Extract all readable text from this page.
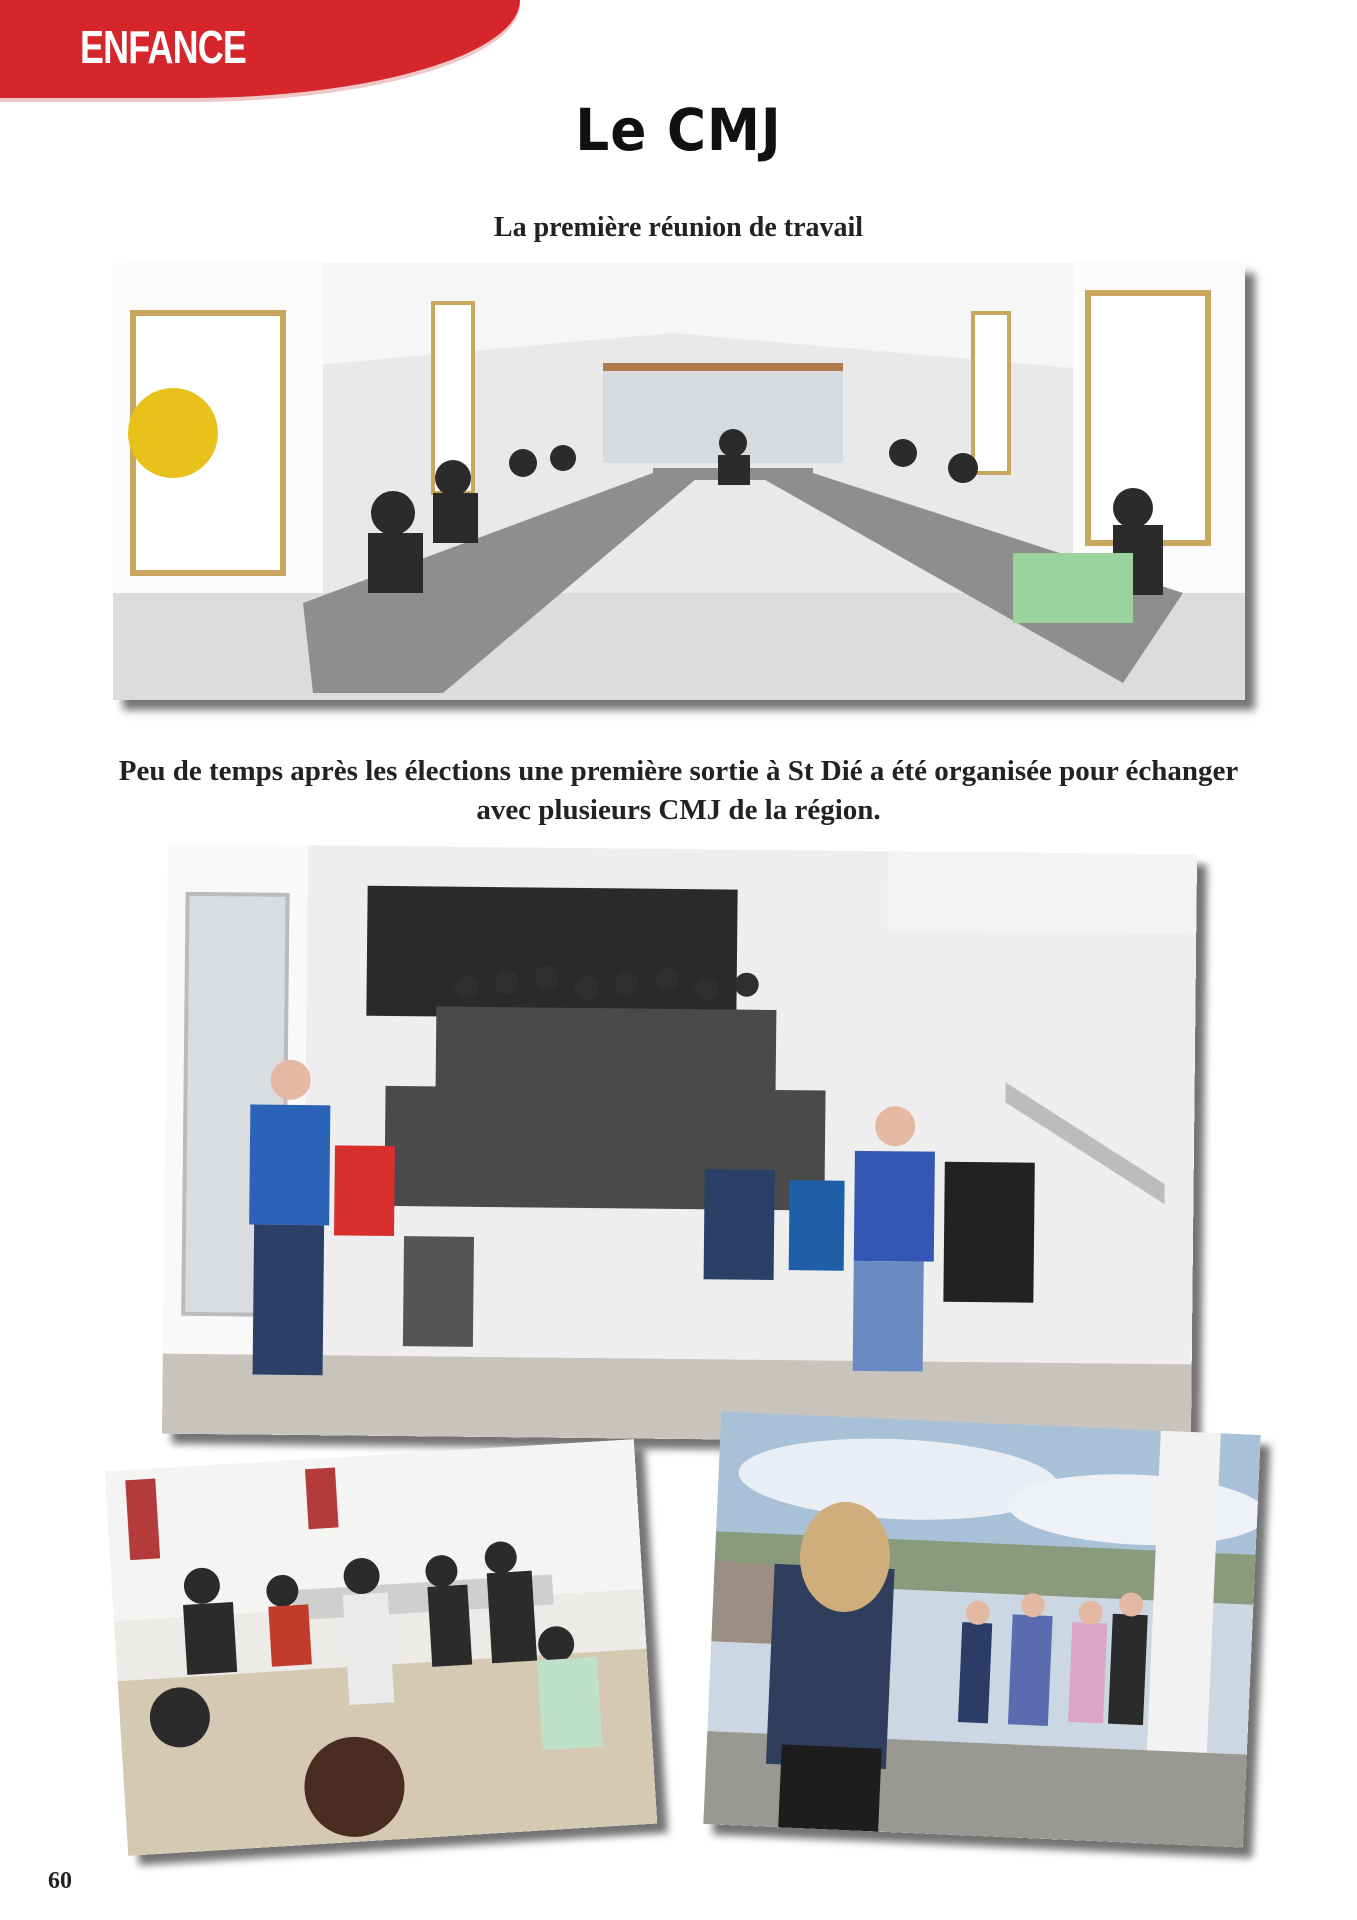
ENFANCE
Le CMJ
La première réunion de travail
Peu de temps après les élections une première sortie à St Dié a été organisée pour échanger avec plusieurs CMJ de la région.
60
